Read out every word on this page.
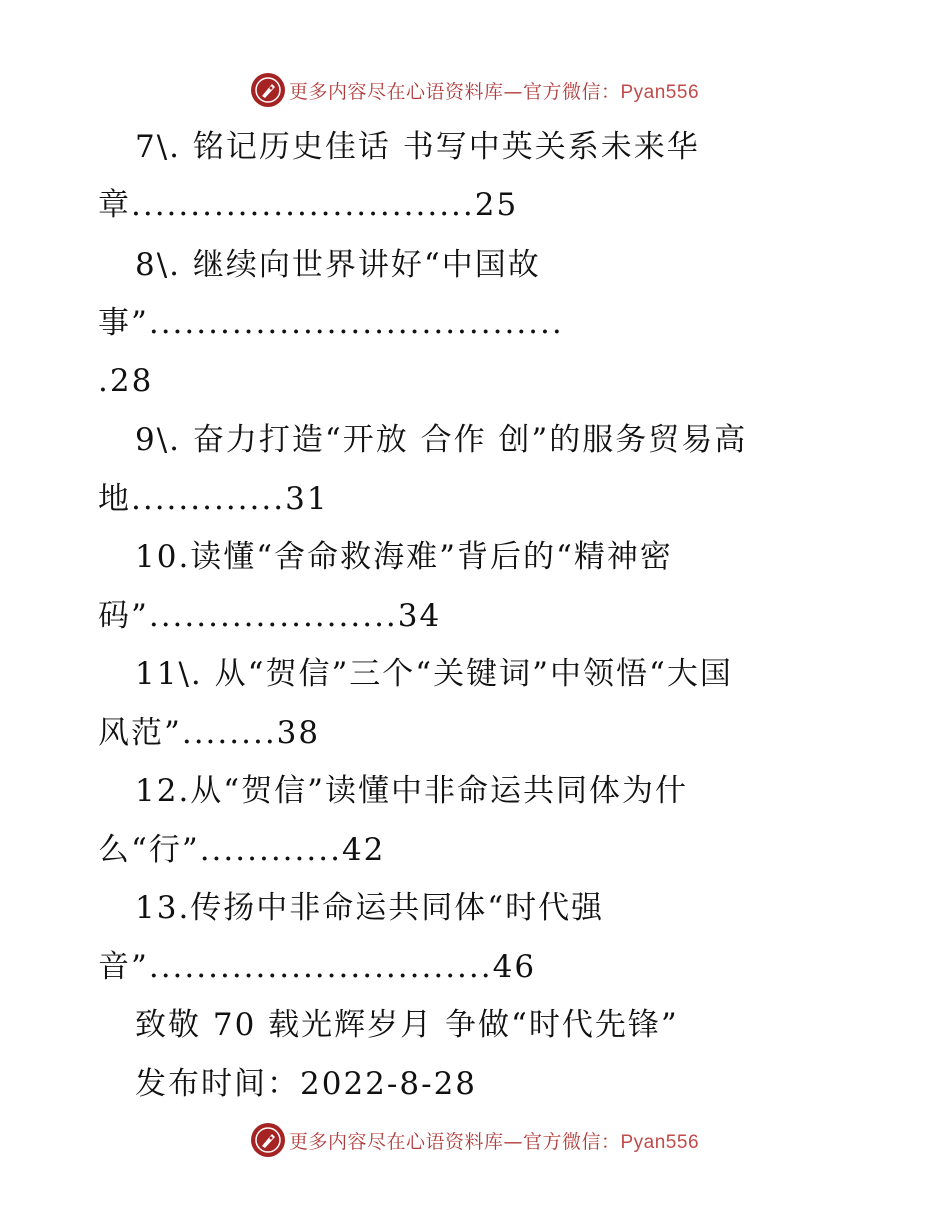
更多内容尽在心语资料库—官方微信：Pyan556
7\. 铭记历史佳话 书写中英关系未来华
章.............................25
8\. 继续向世界讲好“中国故
事”...................................
.28
9\. 奋力打造“开放 合作 创”的服务贸易高
地.............31
10.读懂“舍命救海难”背后的“精神密
码”.....................34
11\. 从“贺信”三个“关键词”中领悟“大国
风范”........38
12.从“贺信”读懂中非命运共同体为什
么“行”............42
13.传扬中非命运共同体“时代强
音”.............................46
致敬 70 载光辉岁月 争做“时代先锋”
发布时间：2022-8-28
更多内容尽在心语资料库—官方微信：Pyan556
